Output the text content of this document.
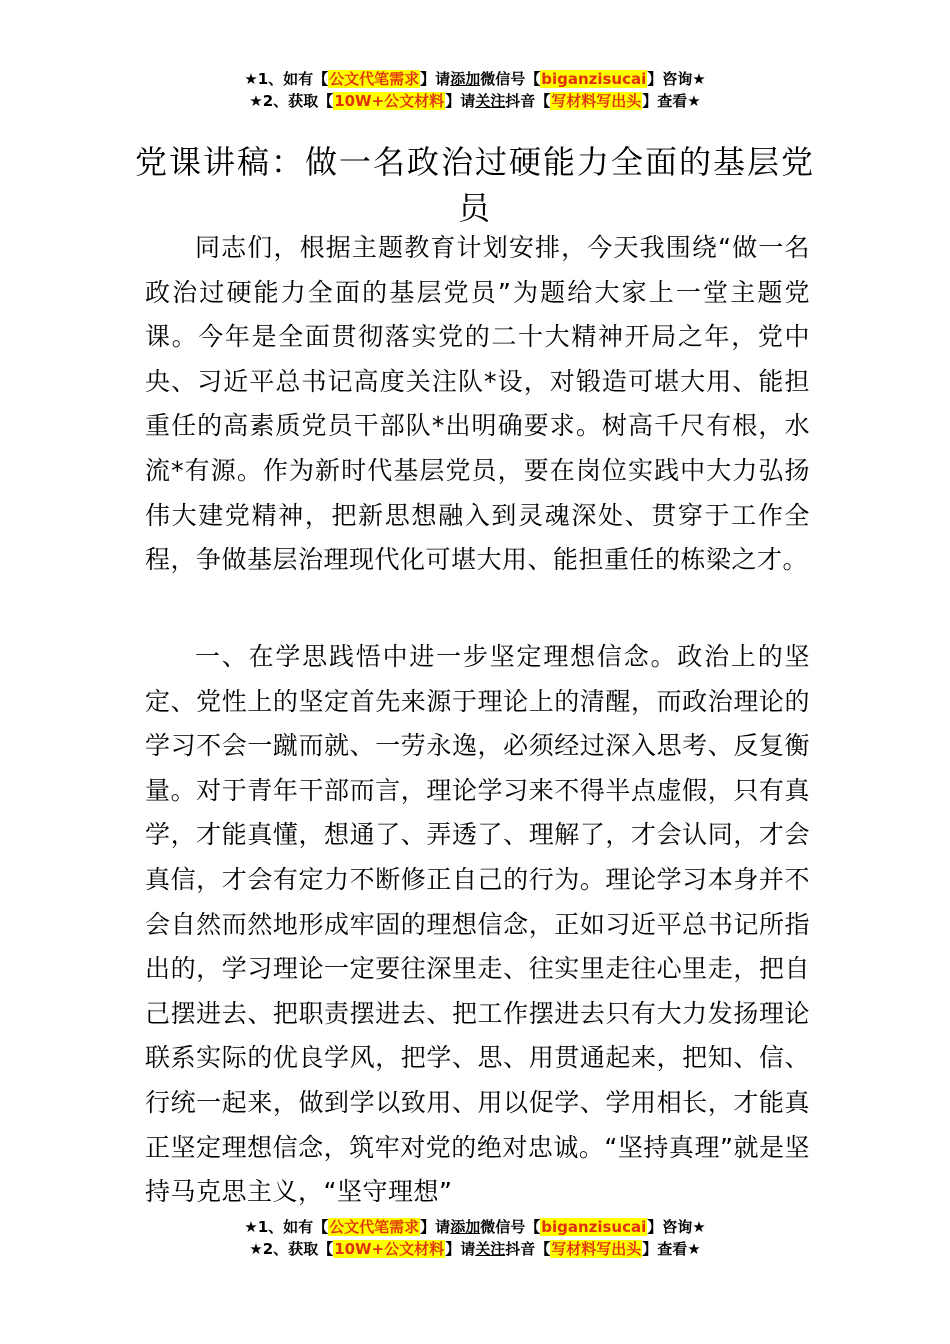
★1、如有【公文代笔需求】请添加微信号【biganzisucai】咨询★
★2、获取【10W+公文材料】请关注抖音【写材料写出头】查看★
党课讲稿：做一名政治过硬能力全面的基层党员

同志们，根据主题教育计划安排，今天我围绕“做一名政治过硬能力全面的基层党员”为题给大家上一堂主题党课。今年是全面贯彻落实党的二十大精神开局之年，党中央、习近平总书记高度关注队*设，对锻造可堪大用、能担重任的高素质党员干部队*出明确要求。树高千尺有根，水流*有源。作为新时代基层党员，要在岗位实践中大力弘扬伟大建党精神，把新思想融入到灵魂深处、贯穿于工作全程，争做基层治理现代化可堪大用、能担重任的栋梁之才。

一、在学思践悟中进一步坚定理想信念。政治上的坚定、党性上的坚定首先来源于理论上的清醒，而政治理论的学习不会一蹴而就、一劳永逸，必须经过深入思考、反复衡量。对于青年干部而言，理论学习来不得半点虚假，只有真学，才能真懂，想通了、弄透了、理解了，才会认同，才会真信，才会有定力不断修正自己的行为。理论学习本身并不会自然而然地形成牢固的理想信念，正如习近平总书记所指出的，学习理论一定要往深里走、往实里走往心里走，把自己摆进去、把职责摆进去、把工作摆进去只有大力发扬理论联系实际的优良学风，把学、思、用贯通起来，把知、信、行统一起来，做到学以致用、用以促学、学用相长，才能真正坚定理想信念，筑牢对党的绝对忠诚。“坚持真理”就是坚持马克思主义，“坚守理想”

★1、如有【公文代笔需求】请添加微信号【biganzisucai】咨询★
★2、获取【10W+公文材料】请关注抖音【写材料写出头】查看★
